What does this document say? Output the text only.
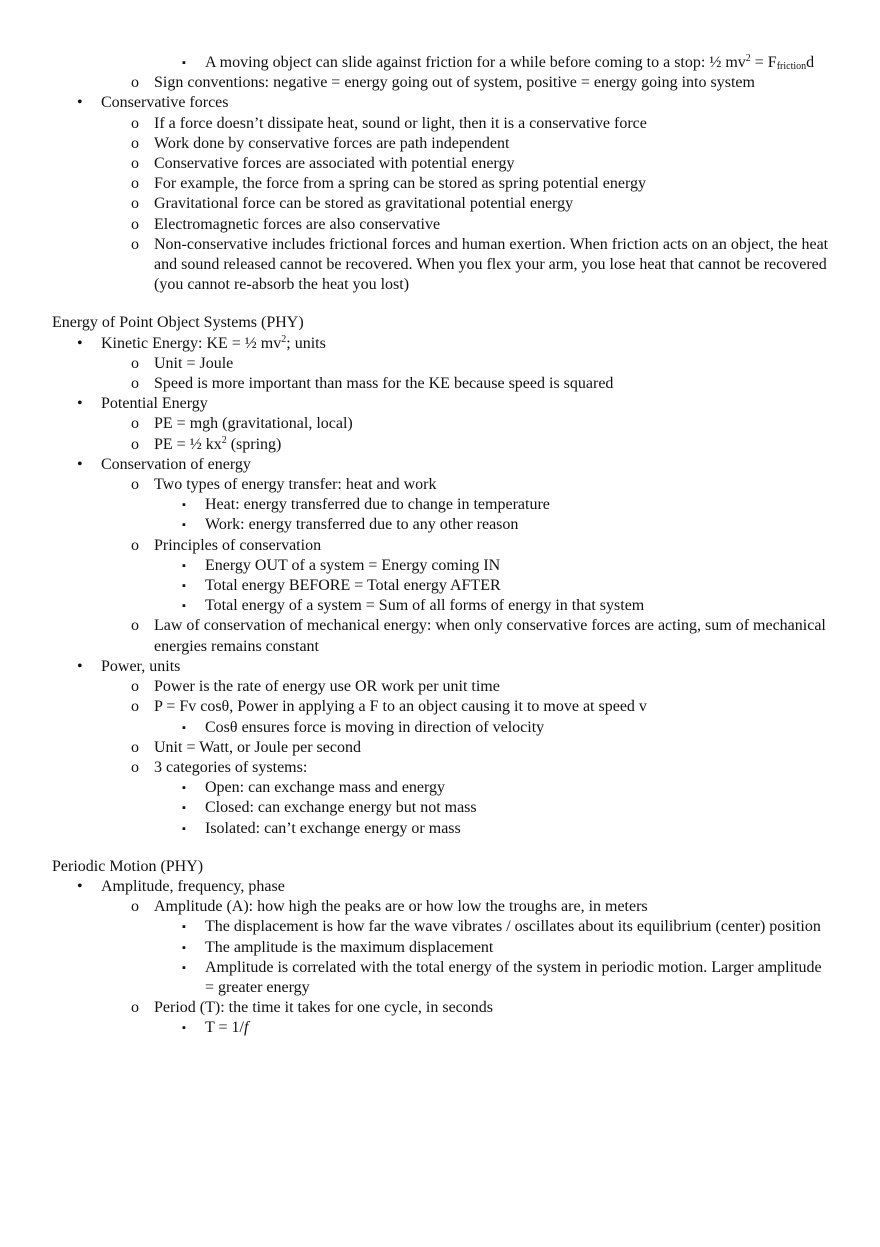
▪ A moving object can slide against friction for a while before coming to a stop: ½ $mv^2 = F_{friction}d$
o Sign conventions: negative = energy going out of system, positive = energy going into system
• Conservative forces
o If a force doesn’t dissipate heat, sound or light, then it is a conservative force
o Work done by conservative forces are path independent
o Conservative forces are associated with potential energy
o For example, the force from a spring can be stored as spring potential energy
o Gravitational force can be stored as gravitational potential energy
o Electromagnetic forces are also conservative
o Non-conservative includes frictional forces and human exertion. When friction acts on an object, the heat and sound released cannot be recovered. When you flex your arm, you lose heat that cannot be recovered (you cannot re-absorb the heat you lost)
Energy of Point Object Systems (PHY)
• Kinetic Energy: KE = ½ $mv^2$; units
o Unit = Joule
o Speed is more important than mass for the KE because speed is squared
• Potential Energy
o PE = mgh (gravitational, local)
o PE = ½ $kx^2$ (spring)
• Conservation of energy
o Two types of energy transfer: heat and work
▪ Heat: energy transferred due to change in temperature
▪ Work: energy transferred due to any other reason
o Principles of conservation
▪ Energy OUT of a system = Energy coming IN
▪ Total energy BEFORE = Total energy AFTER
▪ Total energy of a system = Sum of all forms of energy in that system
o Law of conservation of mechanical energy: when only conservative forces are acting, sum of mechanical energies remains constant
• Power, units
o Power is the rate of energy use OR work per unit time
o P = Fv cosθ, Power in applying a F to an object causing it to move at speed v
▪ Cosθ ensures force is moving in direction of velocity
o Unit = Watt, or Joule per second
o 3 categories of systems:
▪ Open: can exchange mass and energy
▪ Closed: can exchange energy but not mass
▪ Isolated: can’t exchange energy or mass
Periodic Motion (PHY)
• Amplitude, frequency, phase
o Amplitude (A): how high the peaks are or how low the troughs are, in meters
▪ The displacement is how far the wave vibrates / oscillates about its equilibrium (center) position
▪ The amplitude is the maximum displacement
▪ Amplitude is correlated with the total energy of the system in periodic motion. Larger amplitude = greater energy
o Period (T): the time it takes for one cycle, in seconds
▪ T = 1/f
